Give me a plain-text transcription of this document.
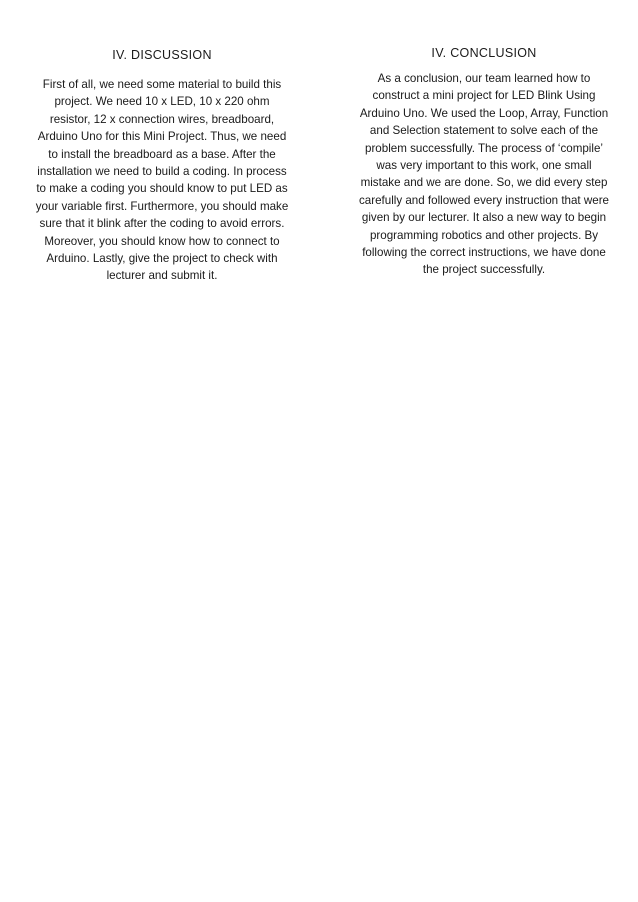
IV. DISCUSSION

First of all, we need some material to build this project. We need 10 x LED, 10 x 220 ohm resistor, 12 x connection wires, breadboard, Arduino Uno for this Mini Project. Thus, we need to install the breadboard as a base. After the installation we need to build a coding. In process to make a coding you should know to put LED as your variable first. Furthermore, you should make sure that it blink after the coding to avoid errors. Moreover, you should know how to connect to Arduino. Lastly, give the project to check with lecturer and submit it.

IV. CONCLUSION

As a conclusion, our team learned how to construct a mini project for LED Blink Using Arduino Uno. We used the Loop, Array, Function and Selection statement to solve each of the problem successfully. The process of ‘compile’ was very important to this work, one small mistake and we are done. So, we did every step carefully and followed every instruction that were given by our lecturer. It also a new way to begin programming robotics and other projects. By following the correct instructions, we have done the project successfully.
